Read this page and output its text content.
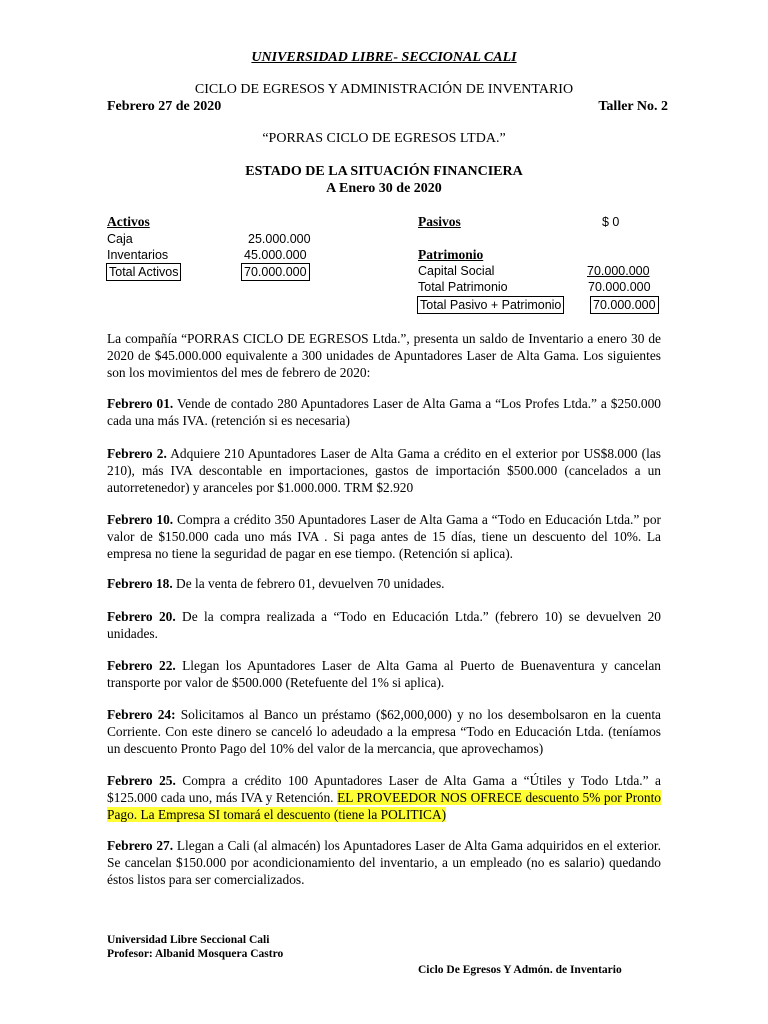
UNIVERSIDAD LIBRE- SECCIONAL CALI
CICLO DE EGRESOS Y ADMINISTRACIÓN DE INVENTARIO
Febrero 27 de 2020	Taller No. 2
“PORRAS CICLO DE EGRESOS LTDA.”
ESTADO DE LA SITUACIÓN FINANCIERA
A Enero 30 de 2020
Activos
Caja	25.000.000
Inventarios	45.000.000
Total Activos	70.000.000
Pasivos	$ 0
Patrimonio
Capital Social	70.000.000
Total Patrimonio	70.000.000
Total Pasivo + Patrimonio	70.000.000
La compañía “PORRAS CICLO DE EGRESOS Ltda.”, presenta un saldo de Inventario a enero 30 de 2020 de $45.000.000 equivalente a 300 unidades de Apuntadores Laser de Alta Gama. Los siguientes son los movimientos del mes de febrero de 2020:
Febrero 01. Vende de contado 280 Apuntadores Laser de Alta Gama a “Los Profes Ltda.” a $250.000 cada una más IVA. (retención si es necesaria)
Febrero 2. Adquiere 210 Apuntadores Laser de Alta Gama a crédito en el exterior por US$8.000 (las 210), más IVA descontable en importaciones, gastos de importación $500.000 (cancelados a un autorretenedor) y aranceles por $1.000.000. TRM $2.920
Febrero 10. Compra a crédito 350 Apuntadores Laser de Alta Gama a “Todo en Educación Ltda.” por valor de $150.000 cada uno más IVA . Si paga antes de 15 días, tiene un descuento del 10%. La empresa no tiene la seguridad de pagar en ese tiempo. (Retención si aplica).
Febrero 18. De la venta de febrero 01, devuelven 70 unidades.
Febrero 20. De la compra realizada a “Todo en Educación Ltda.” (febrero 10) se devuelven 20 unidades.
Febrero 22. Llegan los Apuntadores Laser de Alta Gama al Puerto de Buenaventura y cancelan transporte por valor de $500.000 (Retefuente del 1% si aplica).
Febrero 24: Solicitamos al Banco un préstamo ($62,000,000) y no los desembolsaron en la cuenta Corriente. Con este dinero se canceló lo adeudado a la empresa “Todo en Educación Ltda. (teníamos un descuento Pronto Pago del 10% del valor de la mercancia, que aprovechamos)
Febrero 25. Compra a crédito 100 Apuntadores Laser de Alta Gama a “Útiles y Todo Ltda.” a $125.000 cada uno, más IVA y Retención. EL PROVEEDOR NOS OFRECE descuento 5% por Pronto Pago. La Empresa SI tomará el descuento (tiene la POLITICA)
Febrero 27. Llegan a Cali (al almacén) los Apuntadores Laser de Alta Gama adquiridos en el exterior. Se cancelan $150.000 por acondicionamiento del inventario, a un empleado (no es salario) quedando éstos listos para ser comercializados.
Universidad Libre Seccional Cali
Profesor: Albanid Mosquera Castro
Ciclo De Egresos Y Admón. de Inventario
